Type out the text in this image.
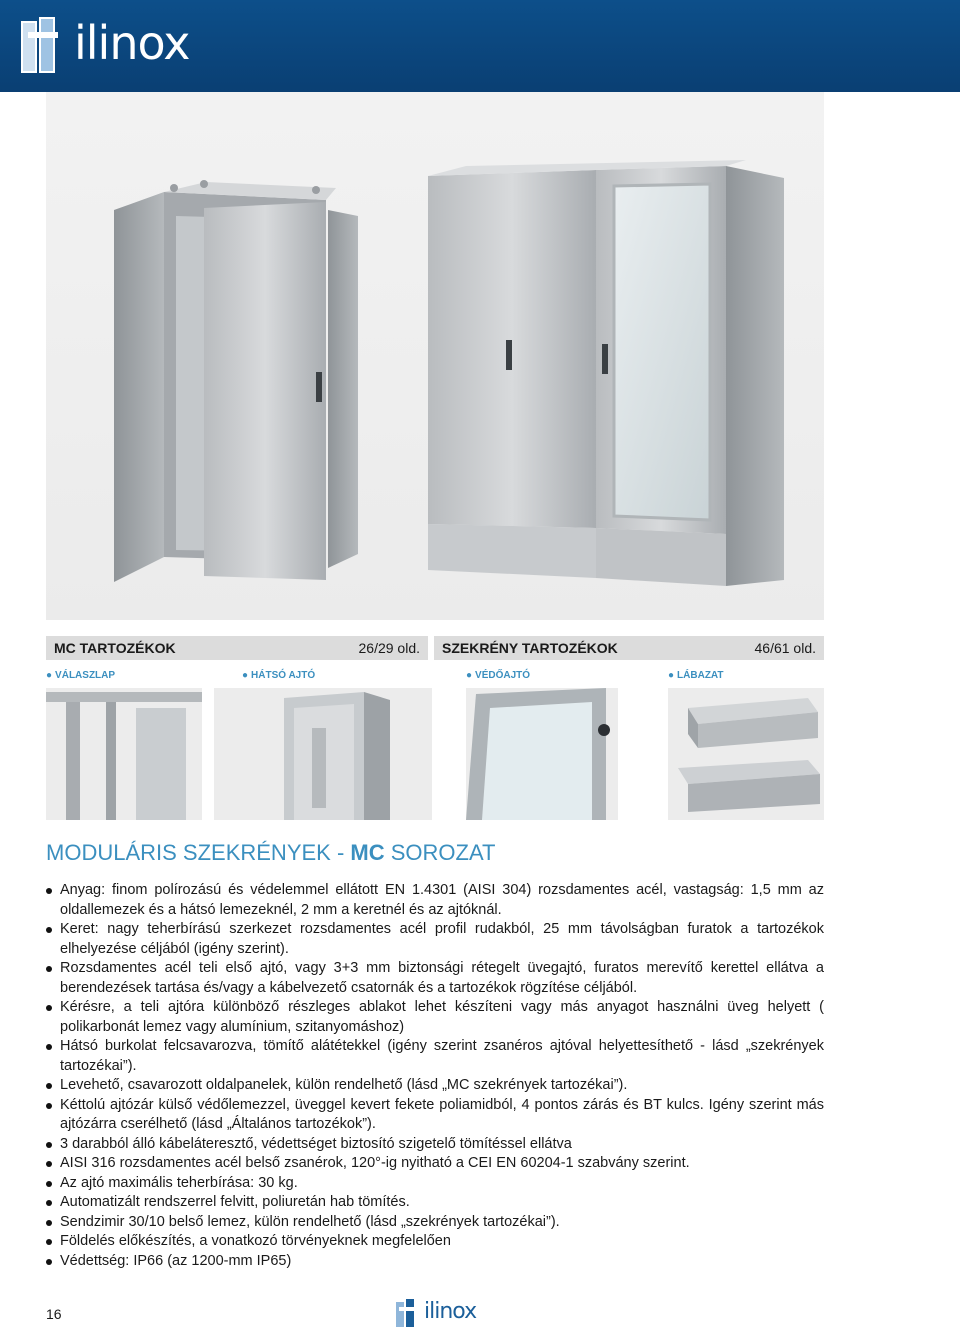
ilinox
MC TARTOZÉKOK	26/29 old.	SZEKRÉNY TARTOZÉKOK	46/61 old.
● VÁLASZLAP	● HÁTSÓ AJTÓ	● VÉDŐAJTÓ	● LÁBAZAT
MODULÁRIS SZEKRÉNYEK - MC SOROZAT
Anyag: finom polírozású és védelemmel ellátott EN 1.4301 (AISI 304) rozsdamentes acél, vastagság: 1,5 mm az oldallemezek és a hátsó lemezeknél, 2 mm a keretnél és az ajtóknál.
Keret: nagy teherbírású szerkezet rozsdamentes acél profil rudakból, 25 mm távolságban furatok a tartozékok elhelyezése céljából (igény szerint).
Rozsdamentes acél teli első ajtó, vagy 3+3 mm biztonsági rétegelt üvegajtó, furatos merevítő kerettel ellátva a berendezések tartása és/vagy a kábelvezető csatornák és a tartozékok rögzítése céljából.
Kérésre, a teli ajtóra különböző részleges ablakot lehet készíteni vagy más anyagot használni üveg helyett ( polikarbonát lemez vagy alumínium, szitanyomáshoz)
Hátsó burkolat felcsavarozva, tömítő alátétekkel (igény szerint zsanéros ajtóval helyettesíthető - lásd „szekrények tartozékai”).
Levehető, csavarozott oldalpanelek, külön rendelhető (lásd „MC szekrények tartozékai”).
Kéttolú ajtózár külső védőlemezzel, üveggel kevert fekete poliamidból, 4 pontos zárás és BT kulcs. Igény szerint más ajtózárra cserélhető (lásd „Általános tartozékok”).
3 darabból álló kábeláteresztő, védettséget biztosító szigetelő tömítéssel ellátva
AISI 316 rozsdamentes acél belső zsanérok, 120°-ig nyitható a CEI EN 60204-1 szabvány szerint.
Az ajtó maximális teherbírása: 30 kg.
Automatizált rendszerrel felvitt, poliuretán hab tömítés.
Sendzimir 30/10 belső lemez, külön rendelhető (lásd „szekrények tartozékai”).
Földelés előkészítés, a vonatkozó törvényeknek megfelelően
Védettség: IP66 (az 1200-mm IP65)
16	ilinox
